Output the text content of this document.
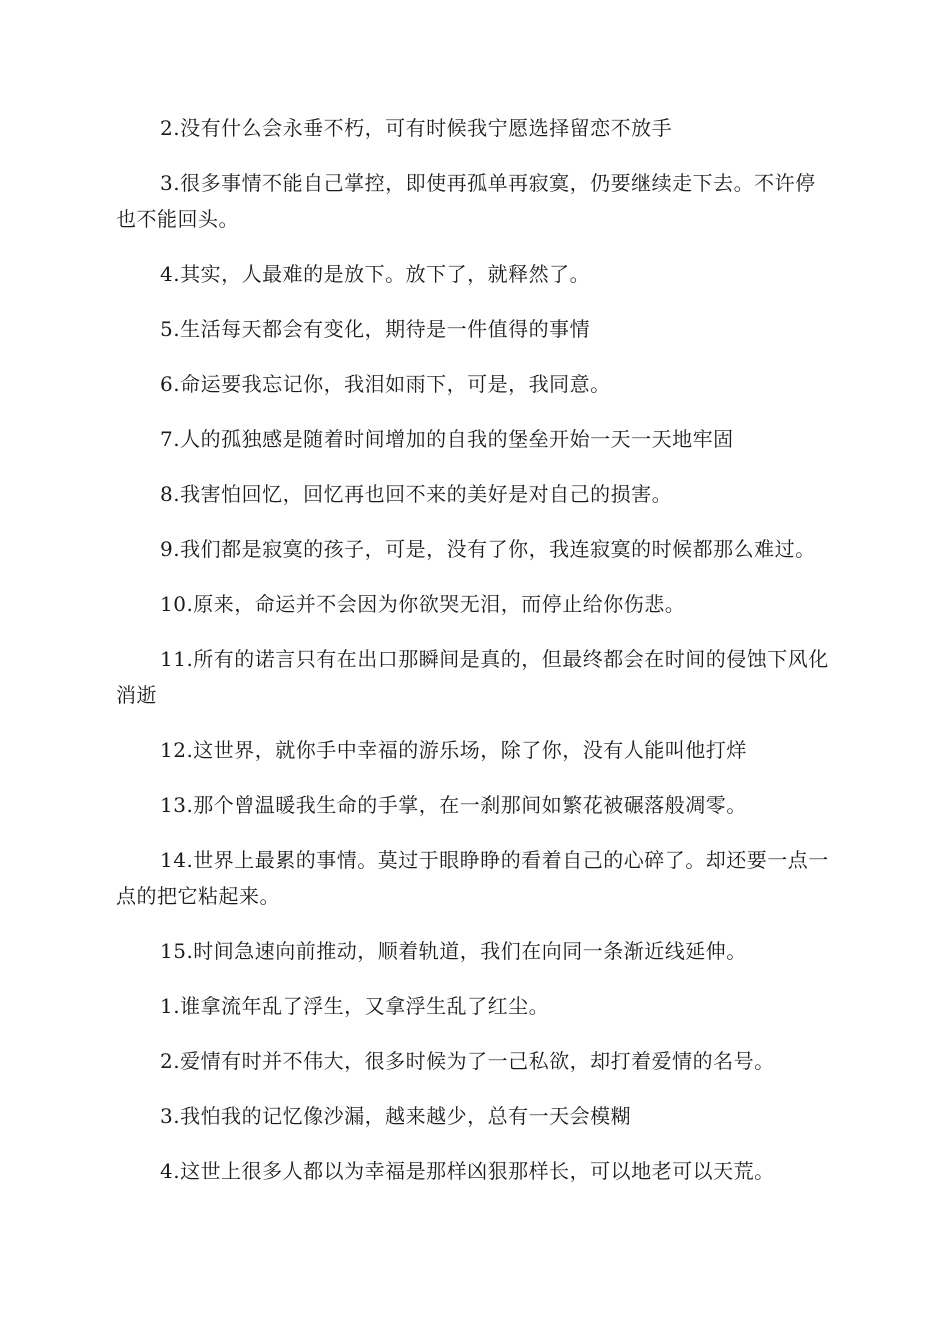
2.没有什么会永垂不朽，可有时候我宁愿选择留恋不放手

3.很多事情不能自己掌控，即使再孤单再寂寞，仍要继续走下去。不许停也不能回头。

4.其实，人最难的是放下。放下了，就释然了。

5.生活每天都会有变化，期待是一件值得的事情

6.命运要我忘记你，我泪如雨下，可是，我同意。

7.人的孤独感是随着时间增加的自我的堡垒开始一天一天地牢固

8.我害怕回忆，回忆再也回不来的美好是对自己的损害。

9.我们都是寂寞的孩子，可是，没有了你，我连寂寞的时候都那么难过。

10.原来，命运并不会因为你欲哭无泪，而停止给你伤悲。

11.所有的诺言只有在出口那瞬间是真的，但最终都会在时间的侵蚀下风化消逝

12.这世界，就你手中幸福的游乐场，除了你，没有人能叫他打烊

13.那个曾温暖我生命的手掌，在一刹那间如繁花被碾落般凋零。

14.世界上最累的事情。莫过于眼睁睁的看着自己的心碎了。却还要一点一点的把它粘起来。

15.时间急速向前推动，顺着轨道，我们在向同一条渐近线延伸。

1.谁拿流年乱了浮生，又拿浮生乱了红尘。

2.爱情有时并不伟大，很多时候为了一己私欲，却打着爱情的名号。

3.我怕我的记忆像沙漏，越来越少，总有一天会模糊

4.这世上很多人都以为幸福是那样凶狠那样长，可以地老可以天荒。
